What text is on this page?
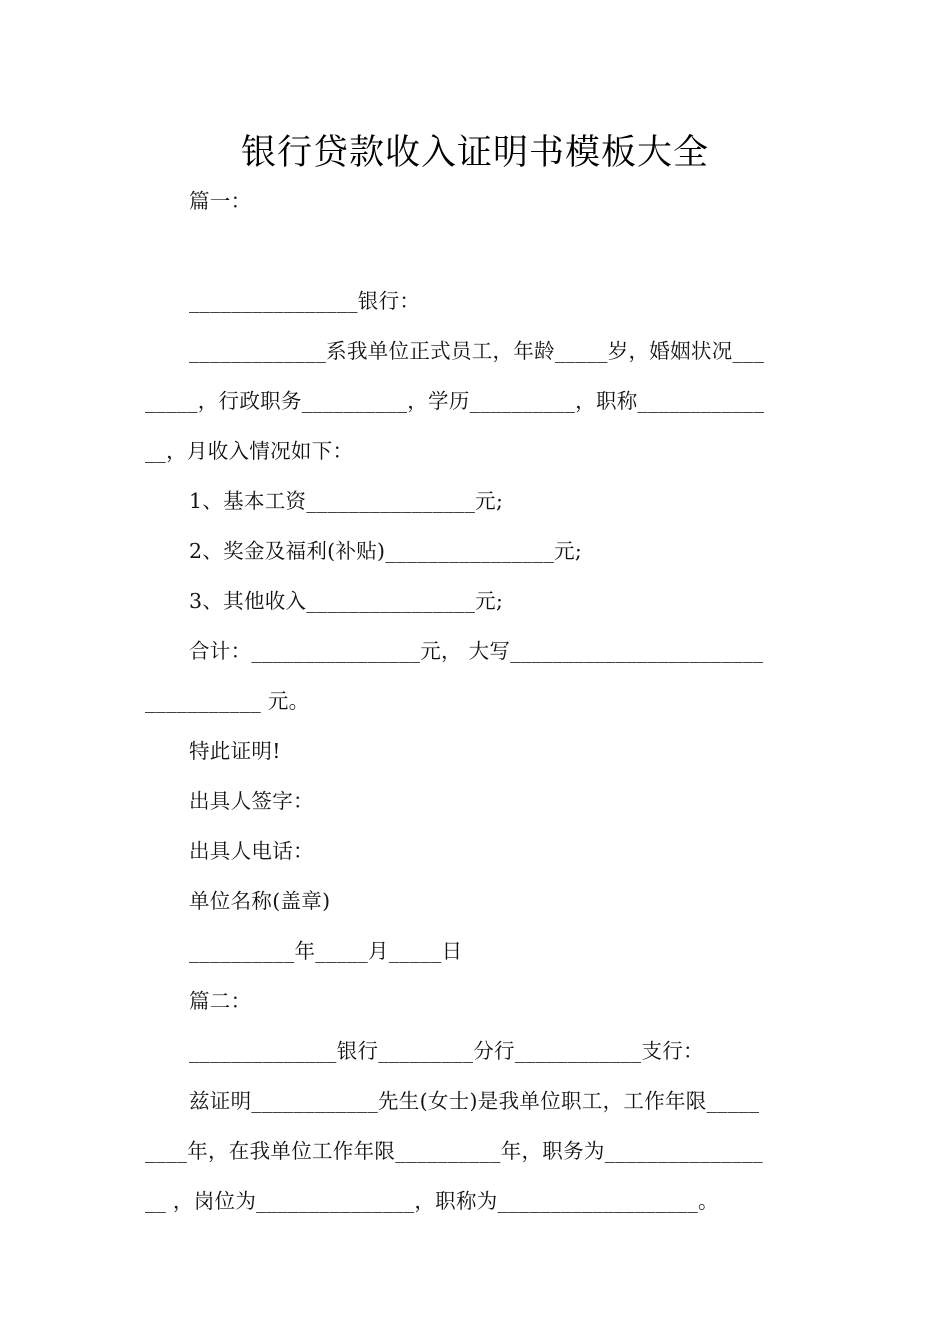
银行贷款收入证明书模板大全
篇一：
________________银行：
_____________系我单位正式员工，年龄_____岁，婚姻状况___
_____，行政职务__________，学历__________，职称____________
__，月收入情况如下：
1、基本工资________________元;
2、奖金及福利(补贴)________________元;
3、其他收入________________元;
合计：________________元， 大写________________________
___________ 元。
特此证明!
出具人签字：
出具人电话：
单位名称(盖章)
__________年_____月_____日
篇二：
______________银行_________分行____________支行：
兹证明____________先生(女士)是我单位职工，工作年限_____
____年，在我单位工作年限__________年，职务为_______________
__ ，岗位为_______________，职称为___________________。
